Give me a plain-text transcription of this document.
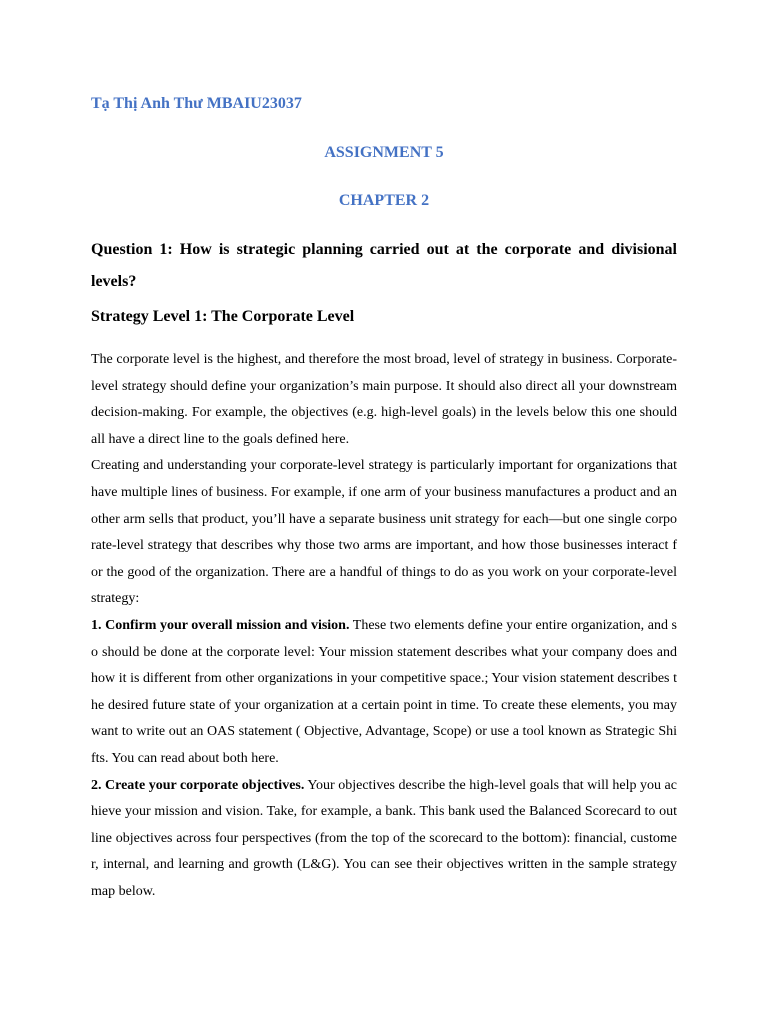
Tạ Thị Anh Thư MBAIU23037

ASSIGNMENT 5

CHAPTER 2

Question 1: How is strategic planning carried out at the corporate and divisional levels?

Strategy Level 1: The Corporate Level

The corporate level is the highest, and therefore the most broad, level of strategy in business. Corporate-level strategy should define your organization’s main purpose. It should also direct all your downstream decision-making. For example, the objectives (e.g. high-level goals) in the levels below this one should all have a direct line to the goals defined here.

Creating and understanding your corporate-level strategy is particularly important for organizations that have multiple lines of business. For example, if one arm of your business manufactures a product and another arm sells that product, you’ll have a separate business unit strategy for each—but one single corporate-level strategy that describes why those two arms are important, and how those businesses interact for the good of the organization. There are a handful of things to do as you work on your corporate-level strategy:

1. Confirm your overall mission and vision. These two elements define your entire organization, and so should be done at the corporate level: Your mission statement describes what your company does and how it is different from other organizations in your competitive space.; Your vision statement describes the desired future state of your organization at a certain point in time. To create these elements, you may want to write out an OAS statement ( Objective, Advantage, Scope) or use a tool known as Strategic Shifts. You can read about both here.

2. Create your corporate objectives. Your objectives describe the high-level goals that will help you achieve your mission and vision. Take, for example, a bank. This bank used the Balanced Scorecard to outline objectives across four perspectives (from the top of the scorecard to the bottom): financial, customer, internal, and learning and growth (L&G). You can see their objectives written in the sample strategy map below.
